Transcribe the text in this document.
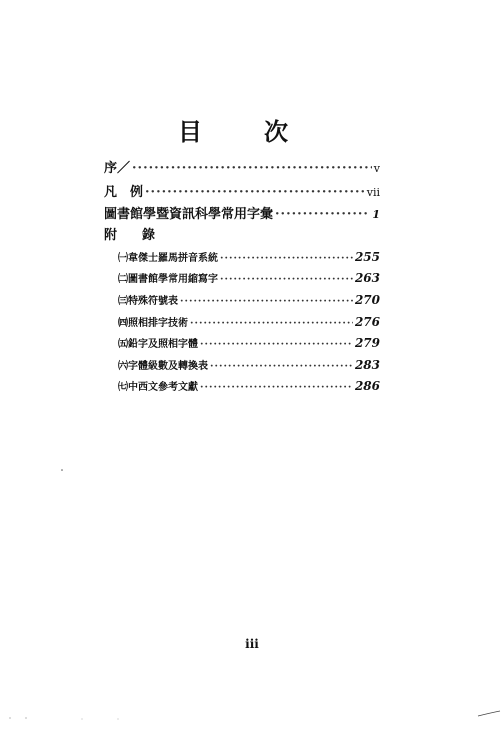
目	次
序／ ·····	v
凡　例 ·····	vii
圖書館學暨資訊科學常用字彙 ·····	1
附　錄
㈠韋傑士羅馬拼音系統 ·····	255
㈡圖書館學常用縮寫字 ·····	263
㈢特殊符號表 ·····	270
㈣照相排字技術 ·····	276
㈤鉛字及照相字體 ·····	279
㈥字體級數及轉換表 ·····	283
㈦中西文參考文獻 ·····	286
iii
